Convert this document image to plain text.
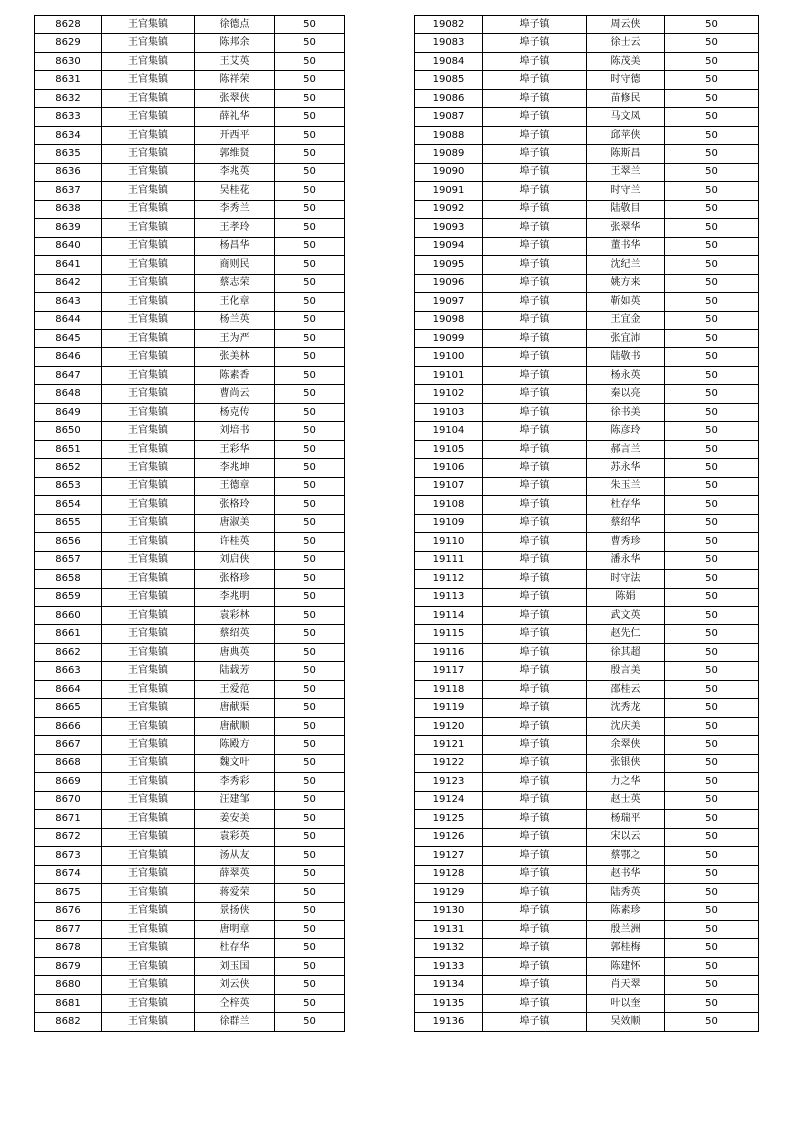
8628	王官集镇	徐德点	50
8629	王官集镇	陈邦余	50
8630	王官集镇	王艾英	50
8631	王官集镇	陈祥荣	50
8632	王官集镇	张翠侠	50
8633	王官集镇	薛礼华	50
8634	王官集镇	开西平	50
8635	王官集镇	郭维贤	50
8636	王官集镇	李兆英	50
8637	王官集镇	吴桂花	50
8638	王官集镇	李秀兰	50
8639	王官集镇	王孝玲	50
8640	王官集镇	杨昌华	50
8641	王官集镇	商则民	50
8642	王官集镇	蔡志荣	50
8643	王官集镇	王化章	50
8644	王官集镇	杨兰英	50
8645	王官集镇	王为严	50
8646	王官集镇	张美林	50
8647	王官集镇	陈素香	50
8648	王官集镇	曹尚云	50
8649	王官集镇	杨克传	50
8650	王官集镇	刘培书	50
8651	王官集镇	王彩华	50
8652	王官集镇	李兆坤	50
8653	王官集镇	王德章	50
8654	王官集镇	张格玲	50
8655	王官集镇	唐淑美	50
8656	王官集镇	许桂英	50
8657	王官集镇	刘启侠	50
8658	王官集镇	张格珍	50
8659	王官集镇	李兆明	50
8660	王官集镇	袁彩林	50
8661	王官集镇	蔡绍英	50
8662	王官集镇	唐典英	50
8663	王官集镇	陆载芳	50
8664	王官集镇	王爱范	50
8665	王官集镇	唐献渠	50
8666	王官集镇	唐献顺	50
8667	王官集镇	陈殿方	50
8668	王官集镇	魏文叶	50
8669	王官集镇	李秀彩	50
8670	王官集镇	汪建邹	50
8671	王官集镇	姜安美	50
8672	王官集镇	袁彩英	50
8673	王官集镇	汤从友	50
8674	王官集镇	薛翠英	50
8675	王官集镇	蒋爱荣	50
8676	王官集镇	景扬侠	50
8677	王官集镇	唐明章	50
8678	王官集镇	杜存华	50
8679	王官集镇	刘玉国	50
8680	王官集镇	刘云侠	50
8681	王官集镇	仝梓英	50
8682	王官集镇	徐群兰	50
19082	埠子镇	周云侠	50
19083	埠子镇	徐士云	50
19084	埠子镇	陈茂美	50
19085	埠子镇	时守德	50
19086	埠子镇	苗修民	50
19087	埠子镇	马文凤	50
19088	埠子镇	邱苹侠	50
19089	埠子镇	陈斯昌	50
19090	埠子镇	王翠兰	50
19091	埠子镇	时守兰	50
19092	埠子镇	陆敬目	50
19093	埠子镇	张翠华	50
19094	埠子镇	董书华	50
19095	埠子镇	沈纪兰	50
19096	埠子镇	姚方来	50
19097	埠子镇	靳如英	50
19098	埠子镇	王宜金	50
19099	埠子镇	张宜沛	50
19100	埠子镇	陆敬书	50
19101	埠子镇	杨永英	50
19102	埠子镇	秦以亮	50
19103	埠子镇	徐书美	50
19104	埠子镇	陈彦玲	50
19105	埠子镇	郝言兰	50
19106	埠子镇	苏永华	50
19107	埠子镇	朱玉兰	50
19108	埠子镇	杜存华	50
19109	埠子镇	蔡绍华	50
19110	埠子镇	曹秀珍	50
19111	埠子镇	潘永华	50
19112	埠子镇	时守法	50
19113	埠子镇	陈娟	50
19114	埠子镇	武文英	50
19115	埠子镇	赵先仁	50
19116	埠子镇	徐其超	50
19117	埠子镇	殷言美	50
19118	埠子镇	邵桂云	50
19119	埠子镇	沈秀龙	50
19120	埠子镇	沈庆美	50
19121	埠子镇	余翠侠	50
19122	埠子镇	张银侠	50
19123	埠子镇	力之华	50
19124	埠子镇	赵士英	50
19125	埠子镇	杨瑞平	50
19126	埠子镇	宋以云	50
19127	埠子镇	蔡鄂之	50
19128	埠子镇	赵书华	50
19129	埠子镇	陆秀英	50
19130	埠子镇	陈素珍	50
19131	埠子镇	殷兰洲	50
19132	埠子镇	郭桂梅	50
19133	埠子镇	陈建怀	50
19134	埠子镇	肖天翠	50
19135	埠子镇	叶以奎	50
19136	埠子镇	吴效顺	50
